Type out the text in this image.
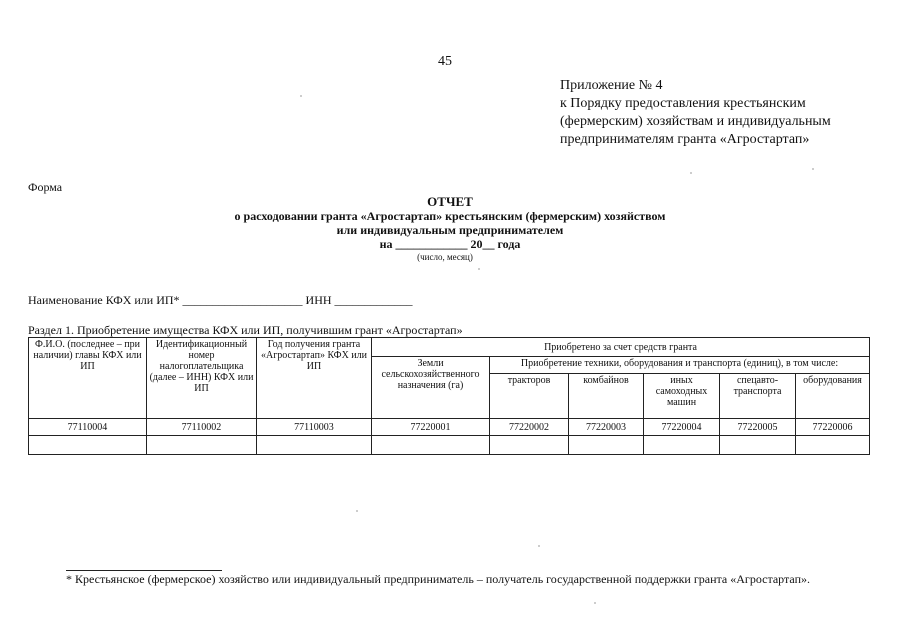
45
Приложение № 4
к Порядку предоставления крестьянским
(фермерским) хозяйствам и индивидуальным
предпринимателям гранта «Агростартап»
Форма
ОТЧЕТ
о расходовании гранта «Агростартап» крестьянским (фермерским) хозяйством
или индивидуальным предпринимателем
на ____________ 20__ года
(число, месяц)
Наименование КФХ или ИП* ____________________ ИНН _____________
Раздел 1. Приобретение имущества КФХ или ИП, получившим грант «Агростартап»
Ф.И.О. (последнее – при наличии) главы КФХ или ИП	Идентификационный номер налогоплательщика (далее – ИНН) КФХ или ИП	Год получения гранта «Агростартап» КФХ или ИП	Приобретено за счет средств гранта					
			Земли сельскохозяйственного назначения (га)	Приобретение техники, оборудования и транспорта (единиц), в том числе:				
				тракторов	комбайнов	иных самоходных машин	спецавто-транспорта	оборудования
77110004	77110002	77110003	77220001	77220002	77220003	77220004	77220005	77220006

* Крестьянское (фермерское) хозяйство или индивидуальный предприниматель – получатель государственной поддержки гранта «Агростартап».
